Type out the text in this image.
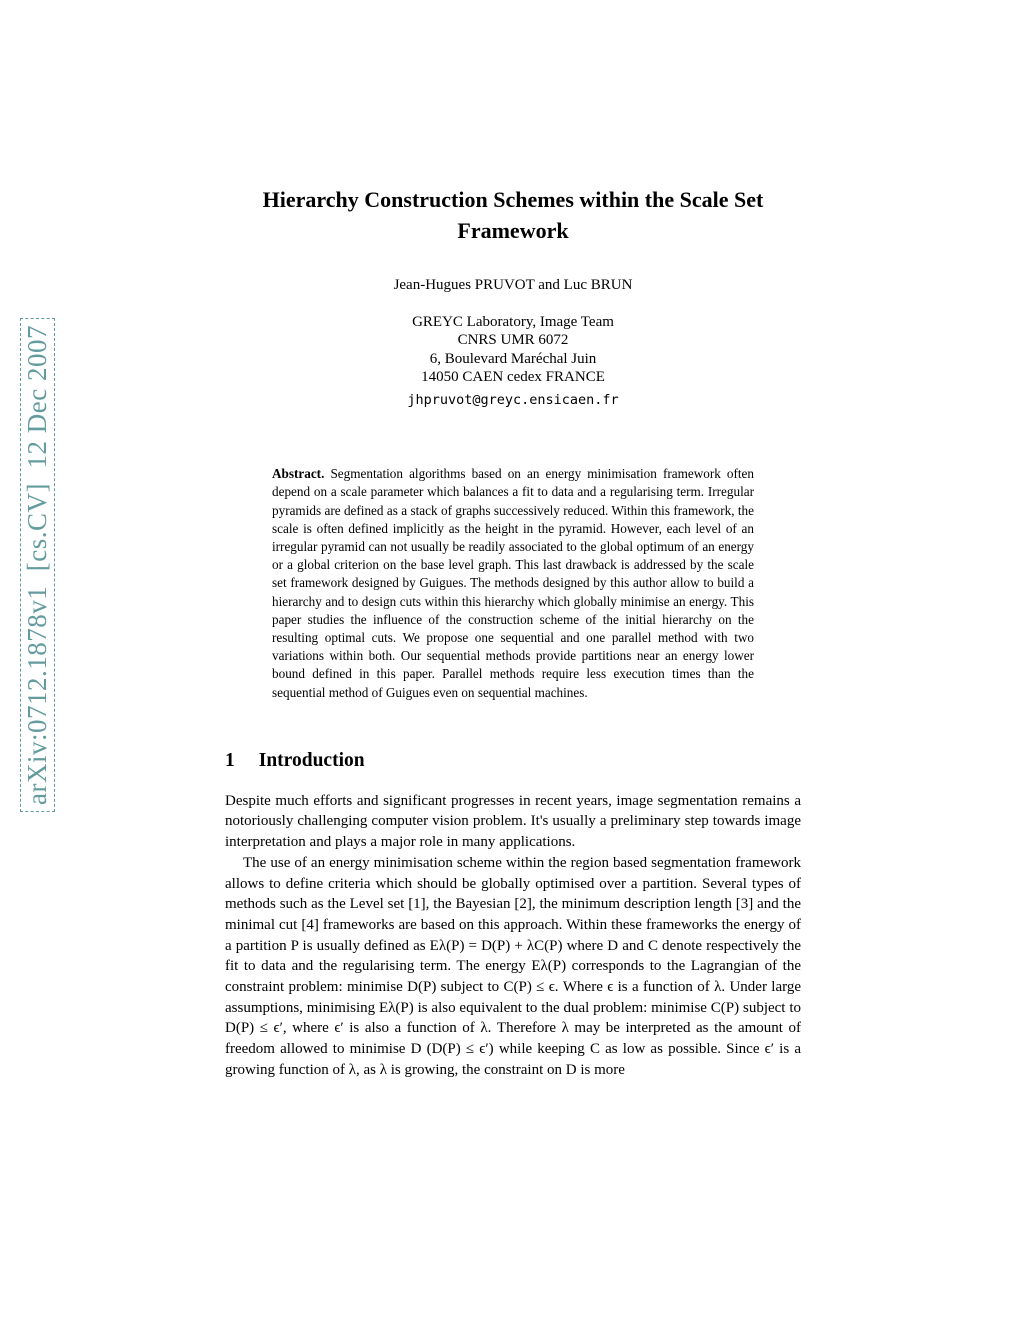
arXiv:0712.1878v1  [cs.CV]  12 Dec 2007
Hierarchy Construction Schemes within the Scale Set Framework
Jean-Hugues PRUVOT and Luc BRUN
GREYC Laboratory, Image Team
CNRS UMR 6072
6, Boulevard Maréchal Juin
14050 CAEN cedex FRANCE
jhpruvot@greyc.ensicaen.fr
Abstract. Segmentation algorithms based on an energy minimisation framework often depend on a scale parameter which balances a fit to data and a regularising term. Irregular pyramids are defined as a stack of graphs successively reduced. Within this framework, the scale is often defined implicitly as the height in the pyramid. However, each level of an irregular pyramid can not usually be readily associated to the global optimum of an energy or a global criterion on the base level graph. This last drawback is addressed by the scale set framework designed by Guigues. The methods designed by this author allow to build a hierarchy and to design cuts within this hierarchy which globally minimise an energy. This paper studies the influence of the construction scheme of the initial hierarchy on the resulting optimal cuts. We propose one sequential and one parallel method with two variations within both. Our sequential methods provide partitions near an energy lower bound defined in this paper. Parallel methods require less execution times than the sequential method of Guigues even on sequential machines.
1 Introduction

Despite much efforts and significant progresses in recent years, image segmentation remains a notoriously challenging computer vision problem. It's usually a preliminary step towards image interpretation and plays a major role in many applications.

The use of an energy minimisation scheme within the region based segmentation framework allows to define criteria which should be globally optimised over a partition. Several types of methods such as the Level set [1], the Bayesian [2], the minimum description length [3] and the minimal cut [4] frameworks are based on this approach. Within these frameworks the energy of a partition P is usually defined as Eλ(P) = D(P) + λC(P) where D and C denote respectively the fit to data and the regularising term. The energy Eλ(P) corresponds to the Lagrangian of the constraint problem: minimise D(P) subject to C(P) ≤ ϵ. Where ϵ is a function of λ. Under large assumptions, minimising Eλ(P) is also equivalent to the dual problem: minimise C(P) subject to D(P) ≤ ϵ′, where ϵ′ is also a function of λ. Therefore λ may be interpreted as the amount of freedom allowed to minimise D (D(P) ≤ ϵ′) while keeping C as low as possible. Since ϵ′ is a growing function of λ, as λ is growing, the constraint on D is more
